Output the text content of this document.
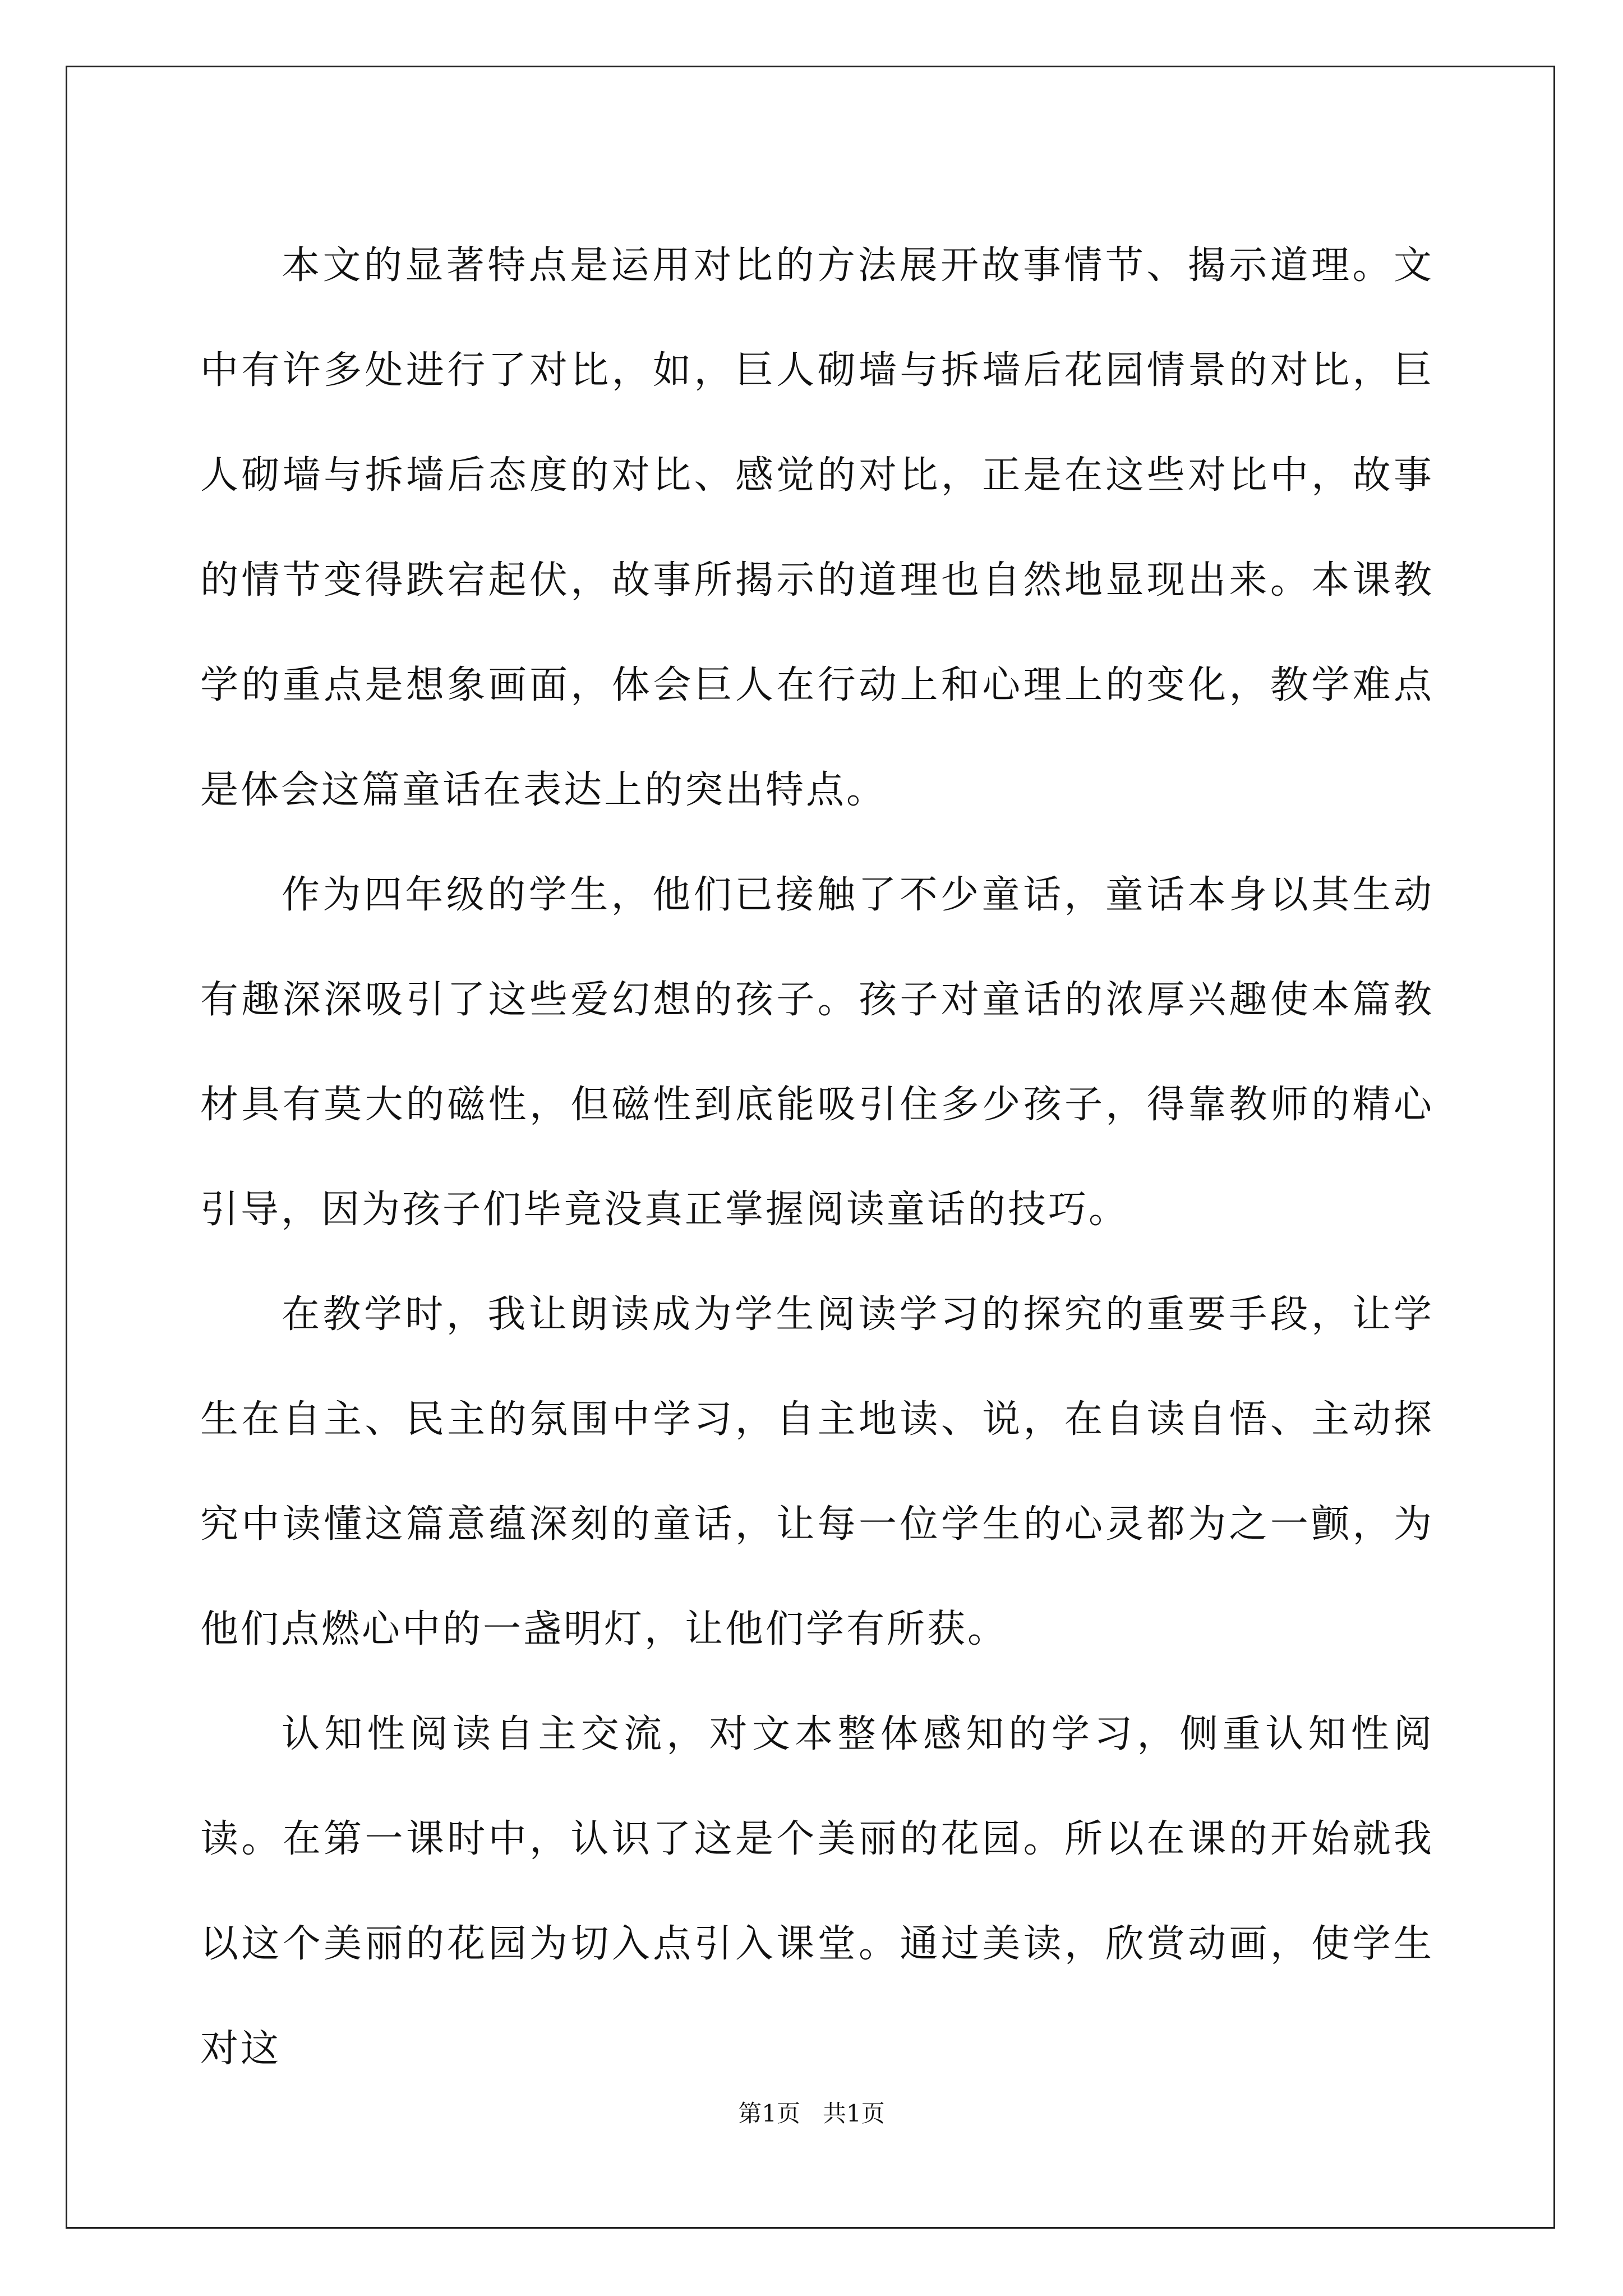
本文的显著特点是运用对比的方法展开故事情节、揭示道理。文中有许多处进行了对比，如，巨人砌墙与拆墙后花园情景的对比，巨人砌墙与拆墙后态度的对比、感觉的对比，正是在这些对比中，故事的情节变得跌宕起伏，故事所揭示的道理也自然地显现出来。本课教学的重点是想象画面，体会巨人在行动上和心理上的变化，教学难点是体会这篇童话在表达上的突出特点。

作为四年级的学生，他们已接触了不少童话，童话本身以其生动有趣深深吸引了这些爱幻想的孩子。孩子对童话的浓厚兴趣使本篇教材具有莫大的磁性，但磁性到底能吸引住多少孩子，得靠教师的精心引导，因为孩子们毕竟没真正掌握阅读童话的技巧。

在教学时，我让朗读成为学生阅读学习的探究的重要手段，让学生在自主、民主的氛围中学习，自主地读、说，在自读自悟、主动探究中读懂这篇意蕴深刻的童话，让每一位学生的心灵都为之一颤，为他们点燃心中的一盏明灯，让他们学有所获。

认知性阅读自主交流，对文本整体感知的学习，侧重认知性阅读。在第一课时中，认识了这是个美丽的花园。所以在课的开始就我以这个美丽的花园为切入点引入课堂。通过美读，欣赏动画，使学生对这

第1页   共1页
